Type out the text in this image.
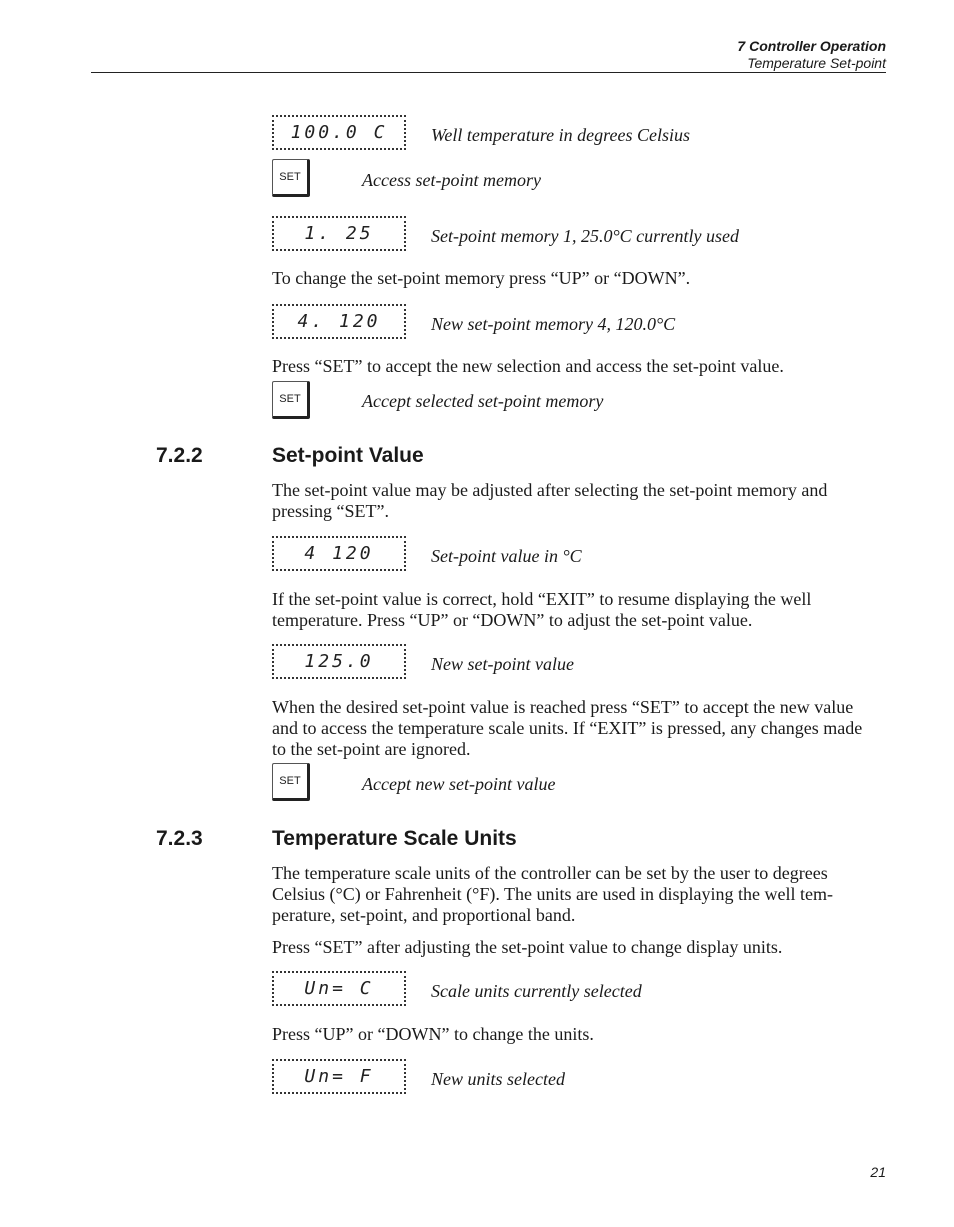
7 Controller Operation
Temperature Set-point
100.0 C	Well temperature in degrees Celsius
SET	Access set-point memory
1. 25	Set-point memory 1, 25.0°C currently used
To change the set-point memory press “UP” or “DOWN”.
4. 120	New set-point memory 4, 120.0°C
Press “SET” to accept the new selection and access the set-point value.
SET	Accept selected set-point memory
7.2.2	Set-point Value
The set-point value may be adjusted after selecting the set-point memory and pressing “SET”.
4 120	Set-point value in °C
If the set-point value is correct, hold “EXIT” to resume displaying the well temperature. Press “UP” or “DOWN” to adjust the set-point value.
125.0	New set-point value
When the desired set-point value is reached press “SET” to accept the new value and to access the temperature scale units. If “EXIT” is pressed, any changes made to the set-point are ignored.
SET	Accept new set-point value
7.2.3	Temperature Scale Units
The temperature scale units of the controller can be set by the user to degrees Celsius (°C) or Fahrenheit (°F). The units are used in displaying the well tem-perature, set-point, and proportional band.
Press “SET” after adjusting the set-point value to change display units.
Un= C	Scale units currently selected
Press “UP” or “DOWN” to change the units.
Un= F	New units selected
21
